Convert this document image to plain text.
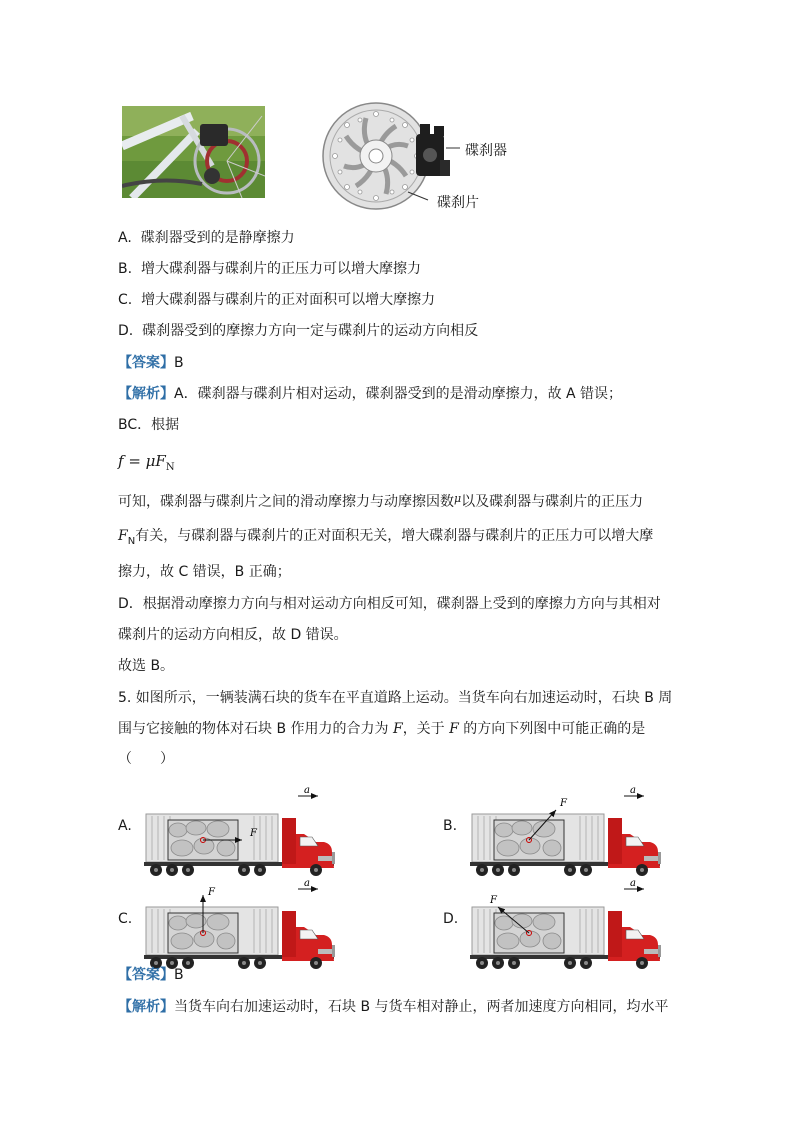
碟刹器
碟刹片
A. 碟刹器受到的是静摩擦力
B. 增大碟刹器与碟刹片的正压力可以增大摩擦力
C. 增大碟刹器与碟刹片的正对面积可以增大摩擦力
D. 碟刹器受到的摩擦力方向一定与碟刹片的运动方向相反
【答案】B
【解析】A．碟刹器与碟刹片相对运动，碟刹器受到的是滑动摩擦力，故 A 错误；
BC．根据
$f = \mu F_N$
可知，碟刹器与碟刹片之间的滑动摩擦力与动摩擦因数$^\mu$以及碟刹器与碟刹片的正压力
$F_N$有关，与碟刹器与碟刹片的正对面积无关，增大碟刹器与碟刹片的正压力可以增大摩
擦力，故 C 错误，B 正确；
D．根据滑动摩擦力方向与相对运动方向相反可知，碟刹器上受到的摩擦力方向与其相对
碟刹片的运动方向相反，故 D 错误。
故选 B。
5. 如图所示，一辆装满石块的货车在平直道路上运动。当货车向右加速运动时，石块 B 周
围与它接触的物体对石块 B 作用力的合力为 F，关于 F 的方向下列图中可能正确的是
（　　）
A.	F
a
B.
F
a
C.
F
a
D.
F
a
【答案】B
【解析】当货车向右加速运动时，石块 B 与货车相对静止，两者加速度方向相同，均水平
